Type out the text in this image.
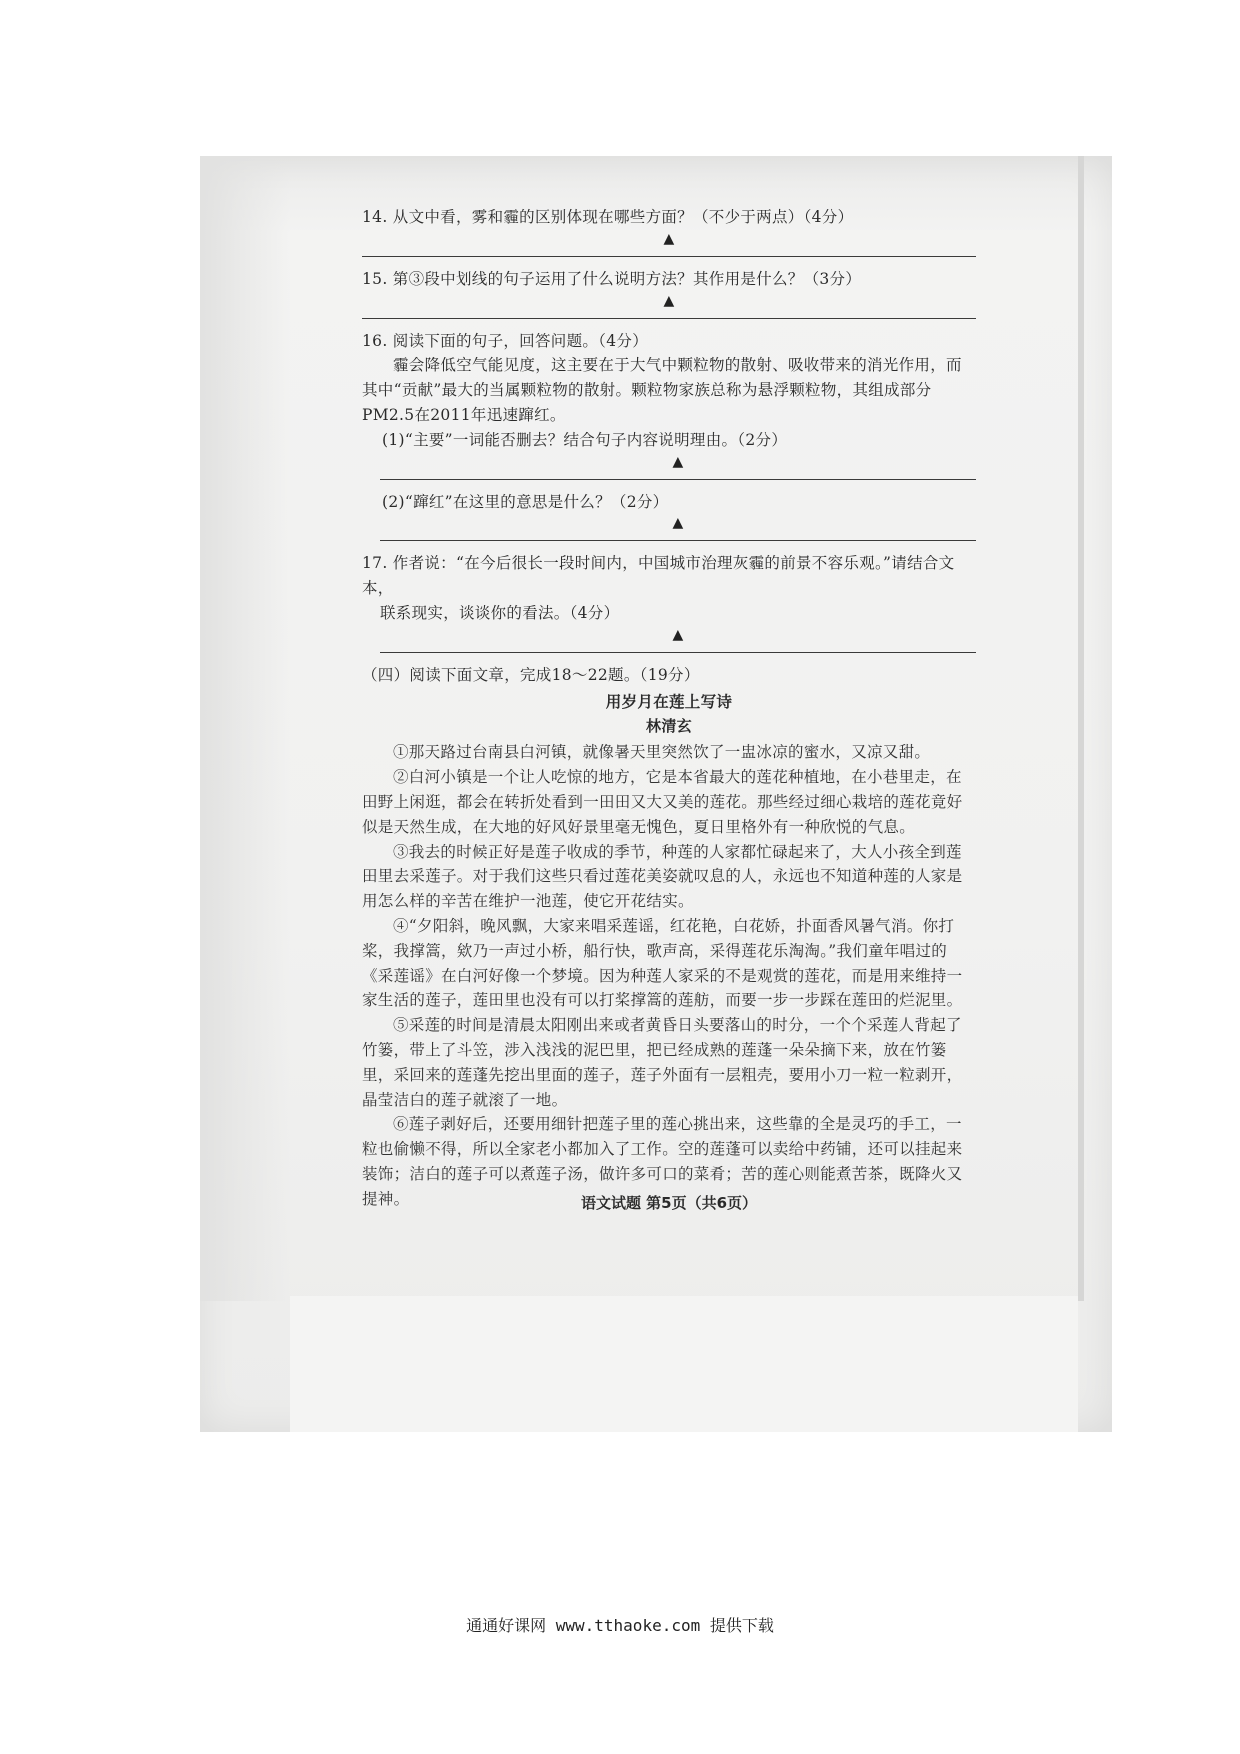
14. 从文中看，雾和霾的区别体现在哪些方面？（不少于两点）（4分）

▲

15. 第③段中划线的句子运用了什么说明方法？其作用是什么？（3分）

▲

16. 阅读下面的句子，回答问题。（4分）

霾会降低空气能见度，这主要在于大气中颗粒物的散射、吸收带来的消光作用，而其中“贡献”最大的当属颗粒物的散射。颗粒物家族总称为悬浮颗粒物，其组成部分PM2.5在2011年迅速蹿红。

(1)“主要”一词能否删去？结合句子内容说明理由。（2分）

▲

(2)“蹿红”在这里的意思是什么？（2分）

▲

17. 作者说：“在今后很长一段时间内，中国城市治理灰霾的前景不容乐观。”请结合文本，

联系现实，谈谈你的看法。（4分）

▲

（四）阅读下面文章，完成18～22题。（19分）

用岁月在莲上写诗

林清玄

①那天路过台南县白河镇，就像暑天里突然饮了一盅冰凉的蜜水，又凉又甜。

②白河小镇是一个让人吃惊的地方，它是本省最大的莲花种植地，在小巷里走，在田野上闲逛，都会在转折处看到一田田又大又美的莲花。那些经过细心栽培的莲花竟好似是天然生成，在大地的好风好景里毫无愧色，夏日里格外有一种欣悦的气息。

③我去的时候正好是莲子收成的季节，种莲的人家都忙碌起来了，大人小孩全到莲田里去采莲子。对于我们这些只看过莲花美姿就叹息的人，永远也不知道种莲的人家是用怎么样的辛苦在维护一池莲，使它开花结实。

④“夕阳斜，晚风飘，大家来唱采莲谣，红花艳，白花娇，扑面香风暑气消。你打桨，我撑篙，欸乃一声过小桥，船行快，歌声高，采得莲花乐淘淘。”我们童年唱过的《采莲谣》在白河好像一个梦境。因为种莲人家采的不是观赏的莲花，而是用来维持一家生活的莲子，莲田里也没有可以打桨撑篙的莲舫，而要一步一步踩在莲田的烂泥里。

⑤采莲的时间是清晨太阳刚出来或者黄昏日头要落山的时分，一个个采莲人背起了竹篓，带上了斗笠，涉入浅浅的泥巴里，把已经成熟的莲蓬一朵朵摘下来，放在竹篓里，采回来的莲蓬先挖出里面的莲子，莲子外面有一层粗壳，要用小刀一粒一粒剥开，晶莹洁白的莲子就滚了一地。

⑥莲子剥好后，还要用细针把莲子里的莲心挑出来，这些靠的全是灵巧的手工，一粒也偷懒不得，所以全家老小都加入了工作。空的莲蓬可以卖给中药铺，还可以挂起来装饰；洁白的莲子可以煮莲子汤，做许多可口的菜肴；苦的莲心则能煮苦茶，既降火又提神。	语文试题 第5页（共6页）
通通好课网 www.tthaoke.com 提供下载
